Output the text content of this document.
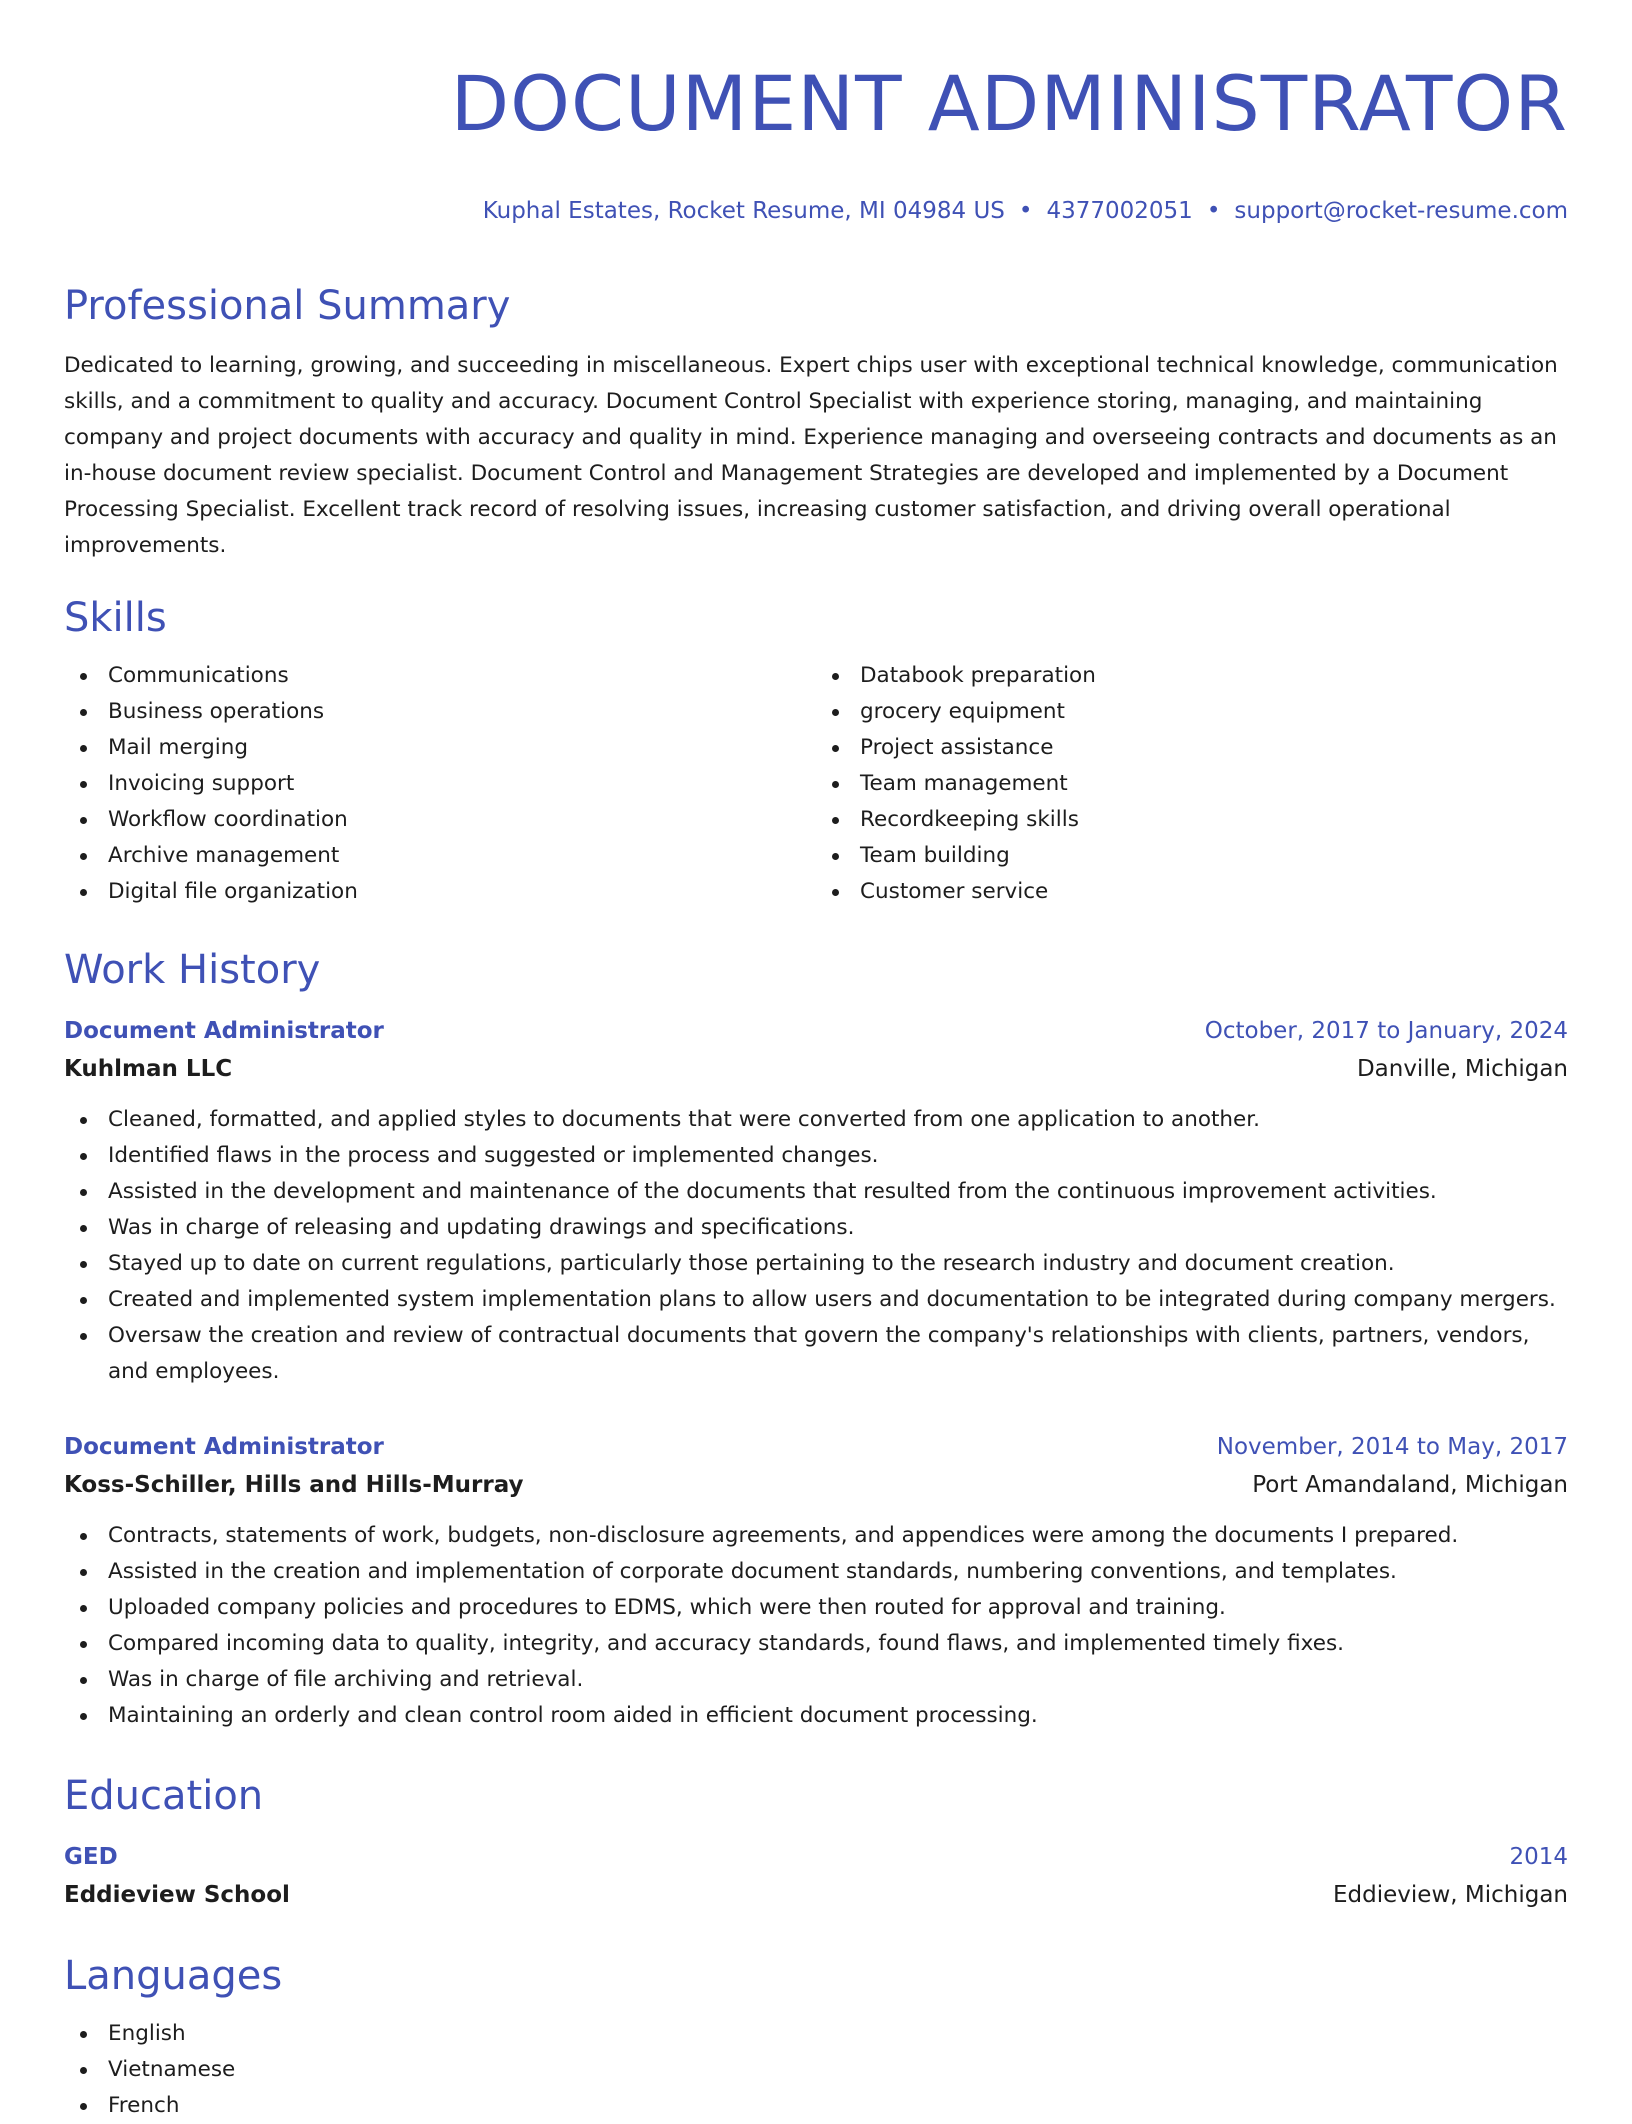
DOCUMENT ADMINISTRATOR
Kuphal Estates, Rocket Resume, MI 04984 US • 4377002051 • support@rocket-resume.com
Professional Summary

Dedicated to learning, growing, and succeeding in miscellaneous. Expert chips user with exceptional technical knowledge, communication skills, and a commitment to quality and accuracy. Document Control Specialist with experience storing, managing, and maintaining company and project documents with accuracy and quality in mind. Experience managing and overseeing contracts and documents as an in-house document review specialist. Document Control and Management Strategies are developed and implemented by a Document Processing Specialist. Excellent track record of resolving issues, increasing customer satisfaction, and driving overall operational improvements.

Skills
Communications
Business operations
Mail merging
Invoicing support
Workflow coordination
Archive management
Digital file organization
Databook preparation
grocery equipment
Project assistance
Team management
Recordkeeping skills
Team building
Customer service
Work History
Document Administrator	October, 2017 to January, 2024
Kuhlman LLC	Danville, Michigan
Cleaned, formatted, and applied styles to documents that were converted from one application to another.
Identified flaws in the process and suggested or implemented changes.
Assisted in the development and maintenance of the documents that resulted from the continuous improvement activities.
Was in charge of releasing and updating drawings and specifications.
Stayed up to date on current regulations, particularly those pertaining to the research industry and document creation.
Created and implemented system implementation plans to allow users and documentation to be integrated during company mergers.
Oversaw the creation and review of contractual documents that govern the company's relationships with clients, partners, vendors, and employees.
Document Administrator	November, 2014 to May, 2017
Koss-Schiller, Hills and Hills-Murray	Port Amandaland, Michigan
Contracts, statements of work, budgets, non-disclosure agreements, and appendices were among the documents I prepared.
Assisted in the creation and implementation of corporate document standards, numbering conventions, and templates.
Uploaded company policies and procedures to EDMS, which were then routed for approval and training.
Compared incoming data to quality, integrity, and accuracy standards, found flaws, and implemented timely fixes.
Was in charge of file archiving and retrieval.
Maintaining an orderly and clean control room aided in efficient document processing.
Education
GED	2014
Eddieview School	Eddieview, Michigan
Languages
English
Vietnamese
French
